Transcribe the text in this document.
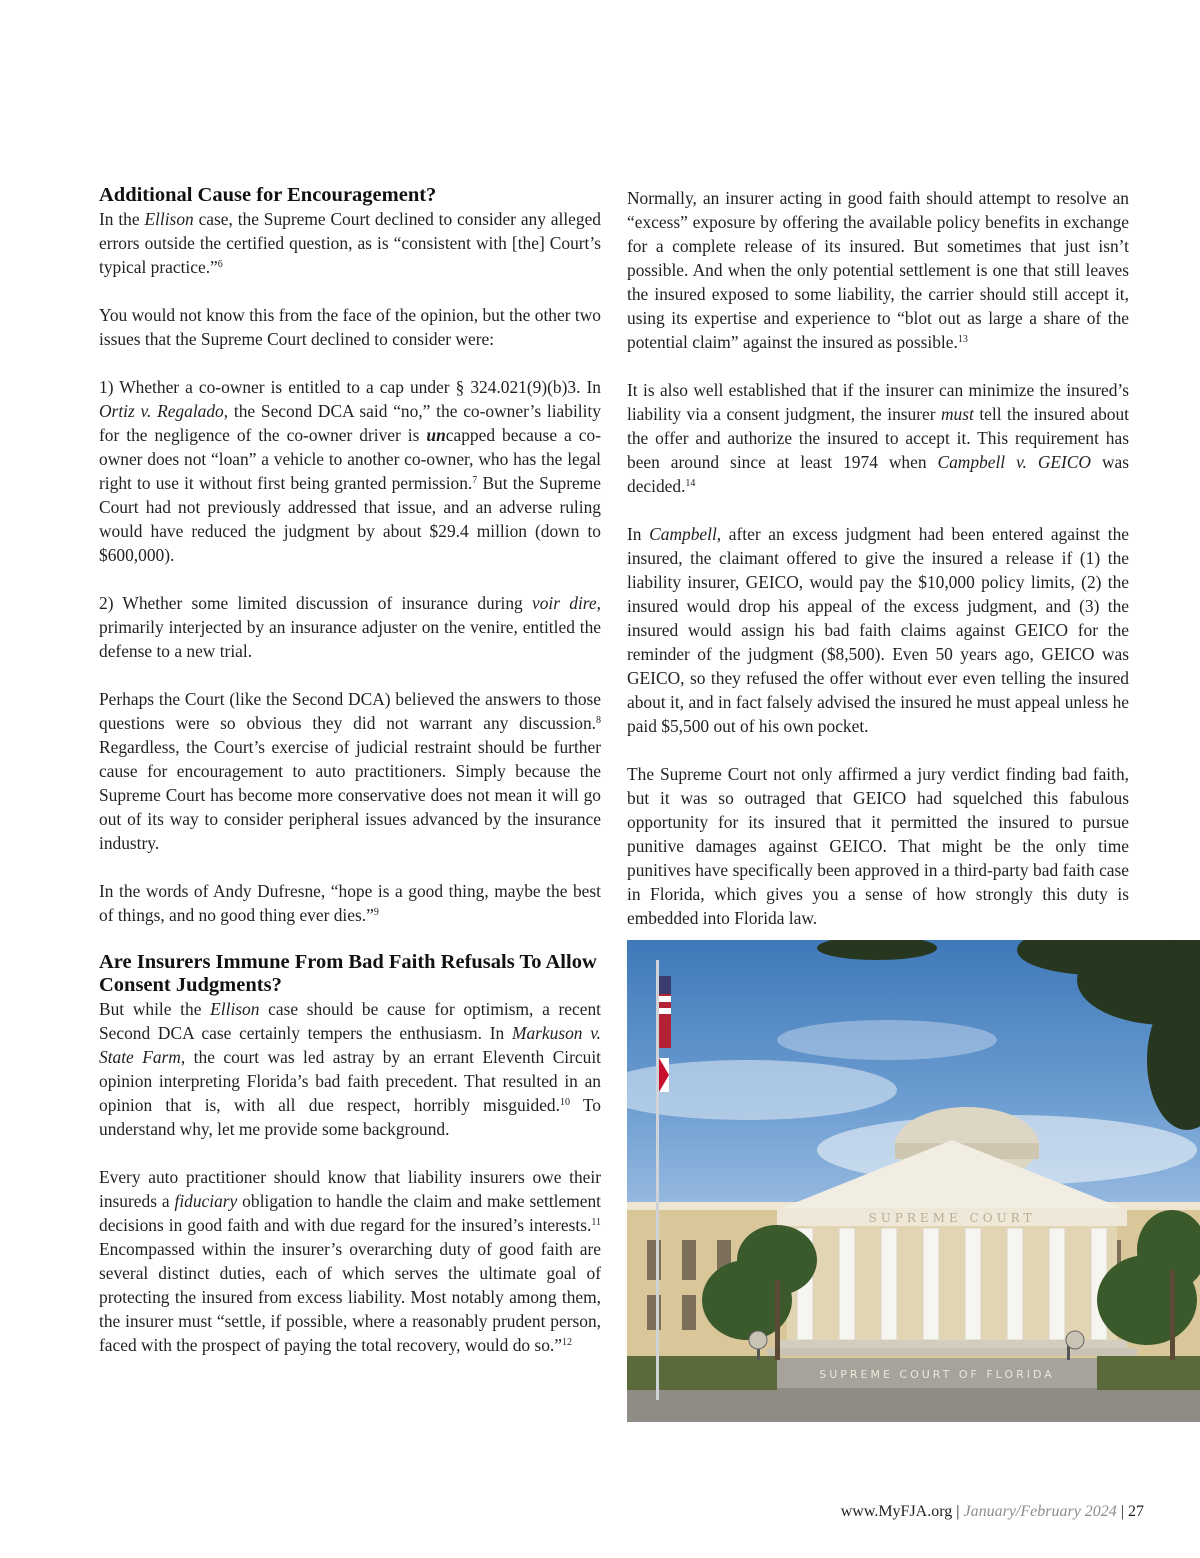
Additional Cause for Encouragement?

In the Ellison case, the Supreme Court declined to consider any alleged errors outside the certified question, as is “consistent with [the] Court’s typical practice.”$^6$

You would not know this from the face of the opinion, but the other two issues that the Supreme Court declined to consider were:

1) Whether a co-owner is entitled to a cap under § 324.021(9)(b)3. In Ortiz v. Regalado, the Second DCA said “no,” the co-owner’s liability for the negligence of the co-owner driver is uncapped because a co-owner does not “loan” a vehicle to another co-owner, who has the legal right to use it without first being granted permission.$^7$ But the Supreme Court had not previously addressed that issue, and an adverse ruling would have reduced the judgment by about $29.4 million (down to $600,000).

2) Whether some limited discussion of insurance during voir dire, primarily interjected by an insurance adjuster on the venire, entitled the defense to a new trial.

Perhaps the Court (like the Second DCA) believed the answers to those questions were so obvious they did not warrant any discussion.$^8$ Regardless, the Court’s exercise of judicial restraint should be further cause for encouragement to auto practitioners. Simply because the Supreme Court has become more conservative does not mean it will go out of its way to consider peripheral issues advanced by the insurance industry.

In the words of Andy Dufresne, “hope is a good thing, maybe the best of things, and no good thing ever dies.”$^9$

Are Insurers Immune From Bad Faith Refusals To Allow Consent Judgments?

But while the Ellison case should be cause for optimism, a recent Second DCA case certainly tempers the enthusiasm. In Markuson v. State Farm, the court was led astray by an errant Eleventh Circuit opinion interpreting Florida’s bad faith precedent. That resulted in an opinion that is, with all due respect, horribly misguided.$^{10}$ To understand why, let me provide some background.

Every auto practitioner should know that liability insurers owe their insureds a fiduciary obligation to handle the claim and make settlement decisions in good faith and with due regard for the insured’s interests.$^{11}$ Encompassed within the insurer’s overarching duty of good faith are several distinct duties, each of which serves the ultimate goal of protecting the insured from excess liability. Most notably among them, the insurer must “settle, if possible, where a reasonably prudent person, faced with the prospect of paying the total recovery, would do so.”$^{12}$

Normally, an insurer acting in good faith should attempt to resolve an “excess” exposure by offering the available policy benefits in exchange for a complete release of its insured. But sometimes that just isn’t possible. And when the only potential settlement is one that still leaves the insured exposed to some liability, the carrier should still accept it, using its expertise and experience to “blot out as large a share of the potential claim” against the insured as possible.$^{13}$

It is also well established that if the insurer can minimize the insured’s liability via a consent judgment, the insurer must tell the insured about the offer and authorize the insured to accept it. This requirement has been around since at least 1974 when Campbell v. GEICO was decided.$^{14}$

In Campbell, after an excess judgment had been entered against the insured, the claimant offered to give the insured a release if (1) the liability insurer, GEICO, would pay the $10,000 policy limits, (2) the insured would drop his appeal of the excess judgment, and (3) the insured would assign his bad faith claims against GEICO for the reminder of the judgment ($8,500). Even 50 years ago, GEICO was GEICO, so they refused the offer without ever even telling the insured about it, and in fact falsely advised the insured he must appeal unless he paid $5,500 out of his own pocket.

The Supreme Court not only affirmed a jury verdict finding bad faith, but it was so outraged that GEICO had squelched this fabulous opportunity for its insured that it permitted the insured to pursue punitive damages against GEICO. That might be the only time punitives have specifically been approved in a third-party bad faith case in Florida, which gives you a sense of how strongly this duty is embedded into Florida law.

SUPREME COURT
SUPREME COURT OF FLORIDA
www.MyFJA.org | January/February 2024 | 27
